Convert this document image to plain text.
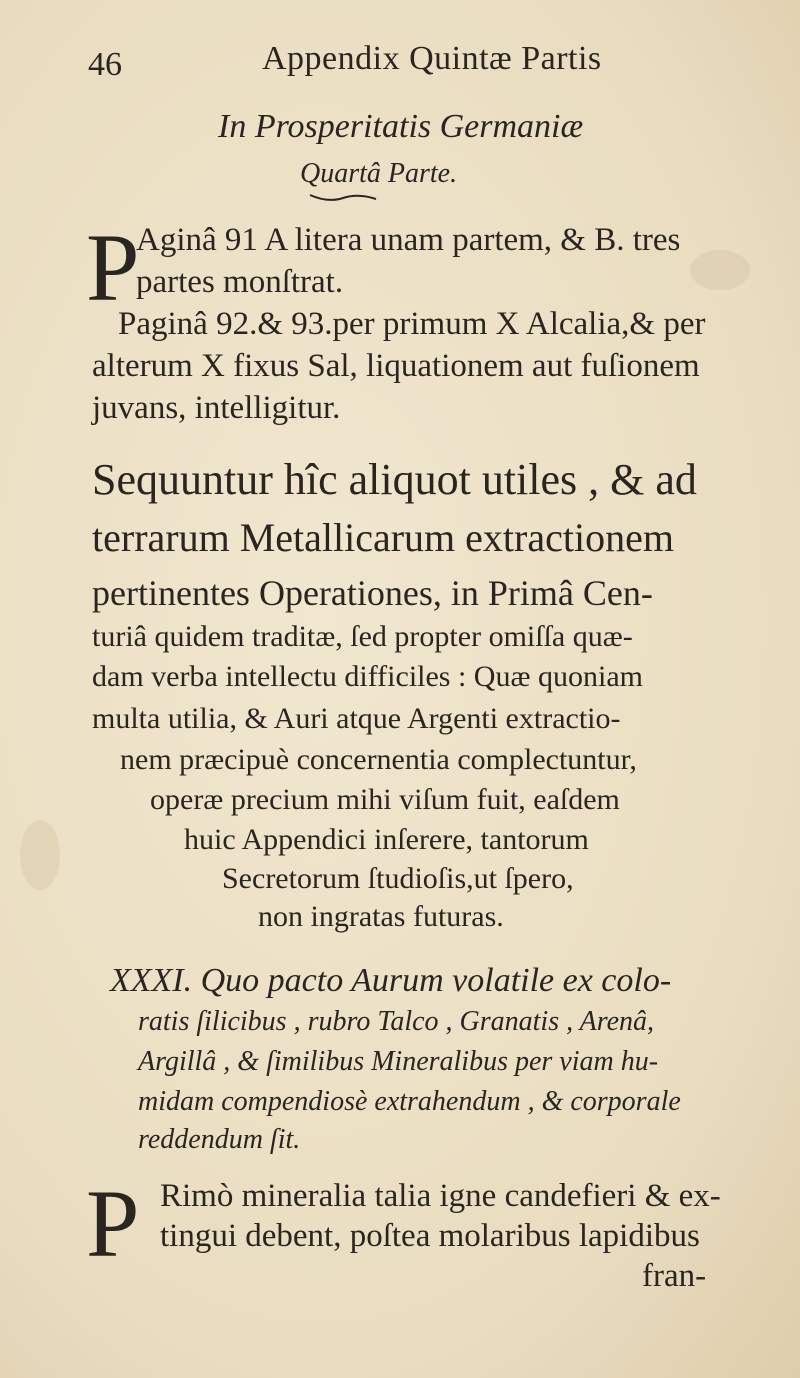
46	Appendix Quintæ Partis
In Prosperitatis Germaniæ
Quartâ Parte.
P
Aginâ 91 A litera unam partem, & B. tres
partes monſtrat.
Paginâ 92.& 93.per primum X Alcalia,& per
alterum X fixus Sal, liquationem aut fuſionem
juvans, intelligitur.
Sequuntur hîc aliquot utiles , & ad
terrarum Metallicarum extractionem
pertinentes Operationes, in Primâ Cen-
turiâ quidem traditæ, ſed propter omiſſa quæ-
dam verba intellectu difficiles : Quæ quoniam
multa utilia, & Auri atque Argenti extractio-
nem præcipuè concernentia complectuntur,
operæ precium mihi viſum fuit, eaſdem
huic Appendici inſerere, tantorum
Secretorum ſtudioſis,ut ſpero,
non ingratas futuras.
XXXI. Quo pacto Aurum volatile ex colo-
ratis ſilicibus , rubro Talco , Granatis , Arenâ,
Argillâ , & ſimilibus Mineralibus per viam hu-
midam compendiosè extrahendum , & corporale
reddendum ſit.
P Rimò mineralia talia igne candefieri & ex-
tingui debent, poſtea molaribus lapidibus
fran-
